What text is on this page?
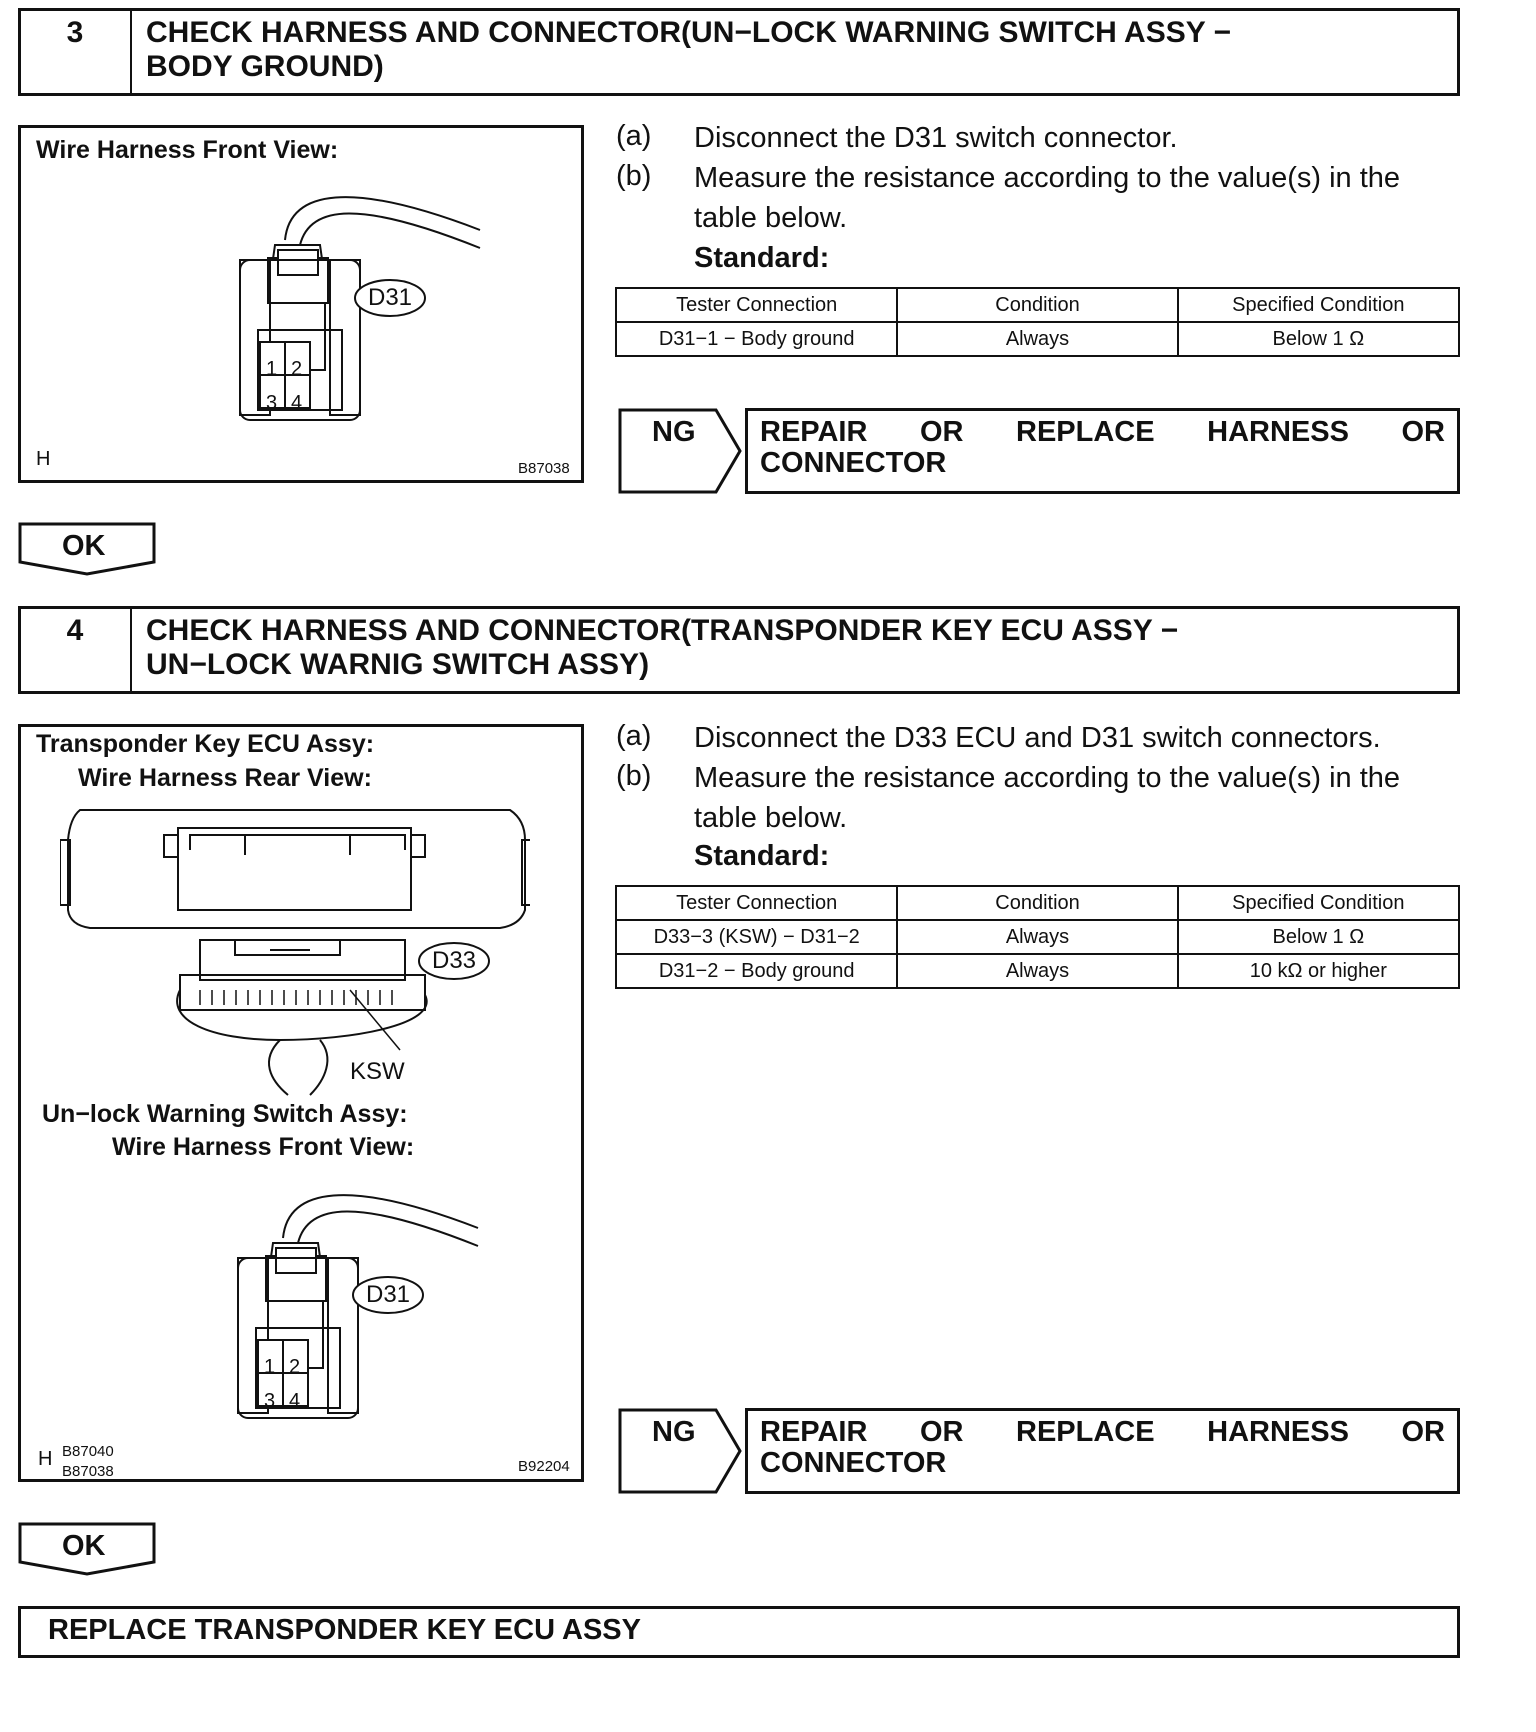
3	CHECK HARNESS AND CONNECTOR(UN−LOCK WARNING SWITCH ASSY −
BODY GROUND)
Wire Harness Front View:
1 2
3 4
D31
H	B87038
(a) Disconnect the D31 switch connector.
(b) Measure the resistance according to the value(s) in the
table below.
Standard:
Tester Connection	Condition	Specified Condition
D31−1 − Body ground	Always	Below 1 Ω
NG REPAIR OR REPLACE HARNESS OR
CONNECTOR
OK
4	CHECK HARNESS AND CONNECTOR(TRANSPONDER KEY ECU ASSY −
UN−LOCK WARNIG SWITCH ASSY)
Transponder Key ECU Assy:
Wire Harness Rear View:
D33
KSW
Un−lock Warning Switch Assy:
Wire Harness Front View:
1 2
3 4
D31
H B87040
B87038	B92204
(a) Disconnect the D33 ECU and D31 switch connectors.
(b) Measure the resistance according to the value(s) in the
table below.
Standard:
Tester Connection	Condition	Specified Condition
D33−3 (KSW) − D31−2	Always	Below 1 Ω
D31−2 − Body ground	Always	10 kΩ or higher
NG REPAIR OR REPLACE HARNESS OR
CONNECTOR
OK
REPLACE TRANSPONDER KEY ECU ASSY
